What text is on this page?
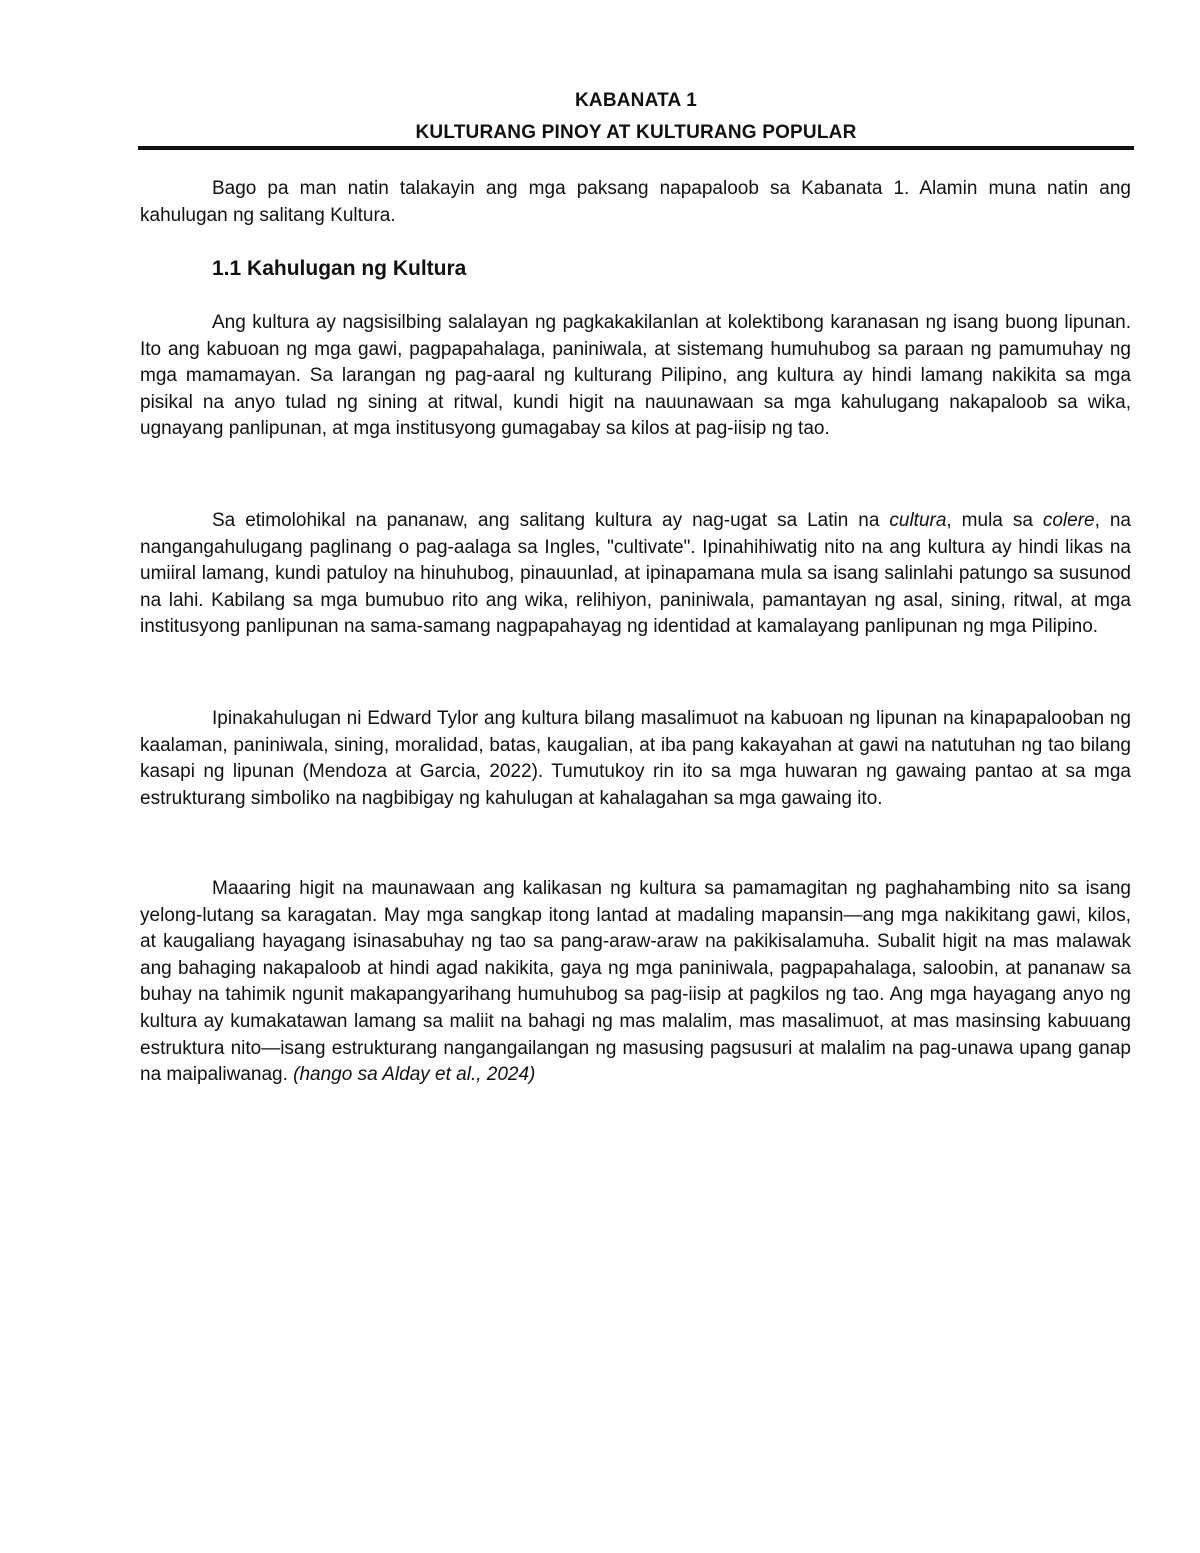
KABANATA 1
KULTURANG PINOY AT KULTURANG POPULAR

Bago pa man natin talakayin ang mga paksang napapaloob sa Kabanata 1. Alamin muna natin ang kahulugan ng salitang Kultura.

1.1 Kahulugan ng Kultura

Ang kultura ay nagsisilbing salalayan ng pagkakakilanlan at kolektibong karanasan ng isang buong lipunan. Ito ang kabuoan ng mga gawi, pagpapahalaga, paniniwala, at sistemang humuhubog sa paraan ng pamumuhay ng mga mamamayan. Sa larangan ng pag-aaral ng kulturang Pilipino, ang kultura ay hindi lamang nakikita sa mga pisikal na anyo tulad ng sining at ritwal, kundi higit na nauunawaan sa mga kahulugang nakapaloob sa wika, ugnayang panlipunan, at mga institusyong gumagabay sa kilos at pag-iisip ng tao.

Sa etimolohikal na pananaw, ang salitang kultura ay nag-ugat sa Latin na cultura, mula sa colere, na nangangahulugang paglinang o pag-aalaga sa Ingles, "cultivate". Ipinahihiwatig nito na ang kultura ay hindi likas na umiiral lamang, kundi patuloy na hinuhubog, pinauunlad, at ipinapamana mula sa isang salinlahi patungo sa susunod na lahi. Kabilang sa mga bumubuo rito ang wika, relihiyon, paniniwala, pamantayan ng asal, sining, ritwal, at mga institusyong panlipunan na sama-samang nagpapahayag ng identidad at kamalayang panlipunan ng mga Pilipino.

Ipinakahulugan ni Edward Tylor ang kultura bilang masalimuot na kabuoan ng lipunan na kinapapalooban ng kaalaman, paniniwala, sining, moralidad, batas, kaugalian, at iba pang kakayahan at gawi na natutuhan ng tao bilang kasapi ng lipunan (Mendoza at Garcia, 2022). Tumutukoy rin ito sa mga huwaran ng gawaing pantao at sa mga estrukturang simboliko na nagbibigay ng kahulugan at kahalagahan sa mga gawaing ito.

Maaaring higit na maunawaan ang kalikasan ng kultura sa pamamagitan ng paghahambing nito sa isang yelong-lutang sa karagatan. May mga sangkap itong lantad at madaling mapansin—ang mga nakikitang gawi, kilos, at kaugaliang hayagang isinasabuhay ng tao sa pang-araw-araw na pakikisalamuha. Subalit higit na mas malawak ang bahaging nakapaloob at hindi agad nakikita, gaya ng mga paniniwala, pagpapahalaga, saloobin, at pananaw sa buhay na tahimik ngunit makapangyarihang humuhubog sa pag-iisip at pagkilos ng tao. Ang mga hayagang anyo ng kultura ay kumakatawan lamang sa maliit na bahagi ng mas malalim, mas masalimuot, at mas masinsing kabuuang estruktura nito—isang estrukturang nangangailangan ng masusing pagsusuri at malalim na pag-unawa upang ganap na maipaliwanag. (hango sa Alday et al., 2024)
